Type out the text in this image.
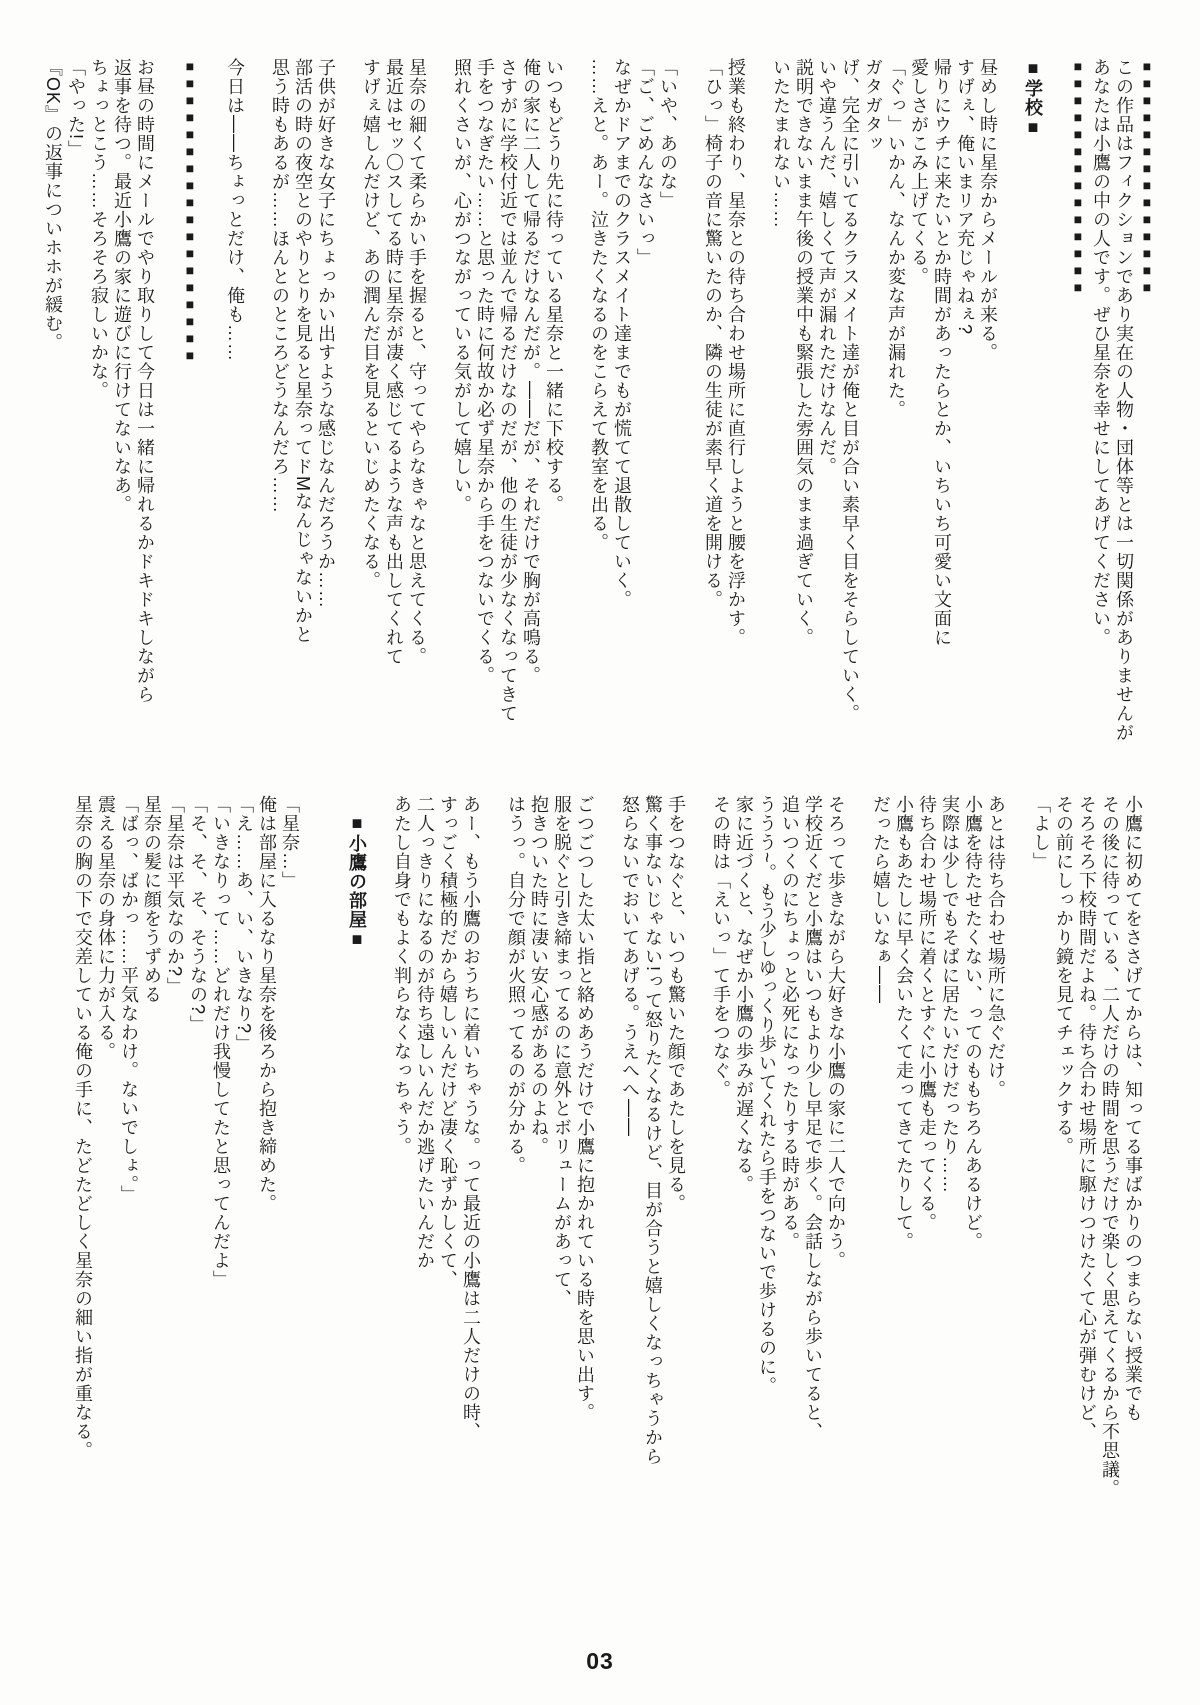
■■■■■■■■■■■■■■

この作品はフィクションであり実在の人物・団体等とは一切関係がありませんが

あなたは小鷹の中の人です。ぜひ星奈を幸せにしてあげてください。

■■■■■■■■■■■■■■

■学校■

昼めし時に星奈からメールが来る。

すげぇ、俺いまリア充じゃねぇ?

帰りにウチに来たいとか時間があったらとか、いちいち可愛い文面に

愛しさがこみ上げてくる。

「ぐっ」いかん、なんか変な声が漏れた。

ガタガタッ

げ、完全に引いてるクラスメイト達が俺と目が合い素早く目をそらしていく。

いや違うんだ、嬉しくて声が漏れただけなんだ。

説明できないまま午後の授業中も緊張した雰囲気のまま過ぎていく。

いたたまれない……

授業も終わり、星奈との待ち合わせ場所に直行しようと腰を浮かす。

「ひっ」椅子の音に驚いたのか、隣の生徒が素早く道を開ける。

「いや、あのな」

「ご、ごめんなさいっ」

なぜかドアまでのクラスメイト達までもが慌てて退散していく。

……えと。あー。泣きたくなるのをこらえて教室を出る。

いつもどうり先に待っている星奈と一緒に下校する。

俺の家に二人して帰るだけなんだが。――だが、それだけで胸が高鳴る。

さすがに学校付近では並んで帰るだけなのだが、他の生徒が少なくなってきて

手をつなぎたい……と思った時に何故か必ず星奈から手をつないでくる。

照れくさいが、心がつながっている気がして嬉しい。

星奈の細くて柔らかい手を握ると、守ってやらなきゃなと思えてくる。

最近はセッ〇スしてる時に星奈が凄く感じてるような声も出してくれて

すげぇ嬉しんだけど、あの潤んだ目を見るといじめたくなる。

子供が好きな女子にちょっかい出すような感じなんだろうか……

部活の時の夜空とのやりとりを見ると星奈ってドMなんじゃないかと

思う時もあるが……ほんとのところどうなんだろ……

今日は――ちょっとだけ、俺も……

■■■■■■■■■■■■■■■■■■

お昼の時間にメールでやり取りして今日は一緒に帰れるかドキドキしながら

返事を待つ。最近小鷹の家に遊びに行けてないなあ。

ちょっとこう……そろそろ寂しいかな。

「やった!」

『OK』の返事についホホが緩む。

小鷹に初めてをささげてからは、知ってる事ばかりのつまらない授業でも

その後に待っている、二人だけの時間を思うだけで楽しく思えてくるから不思議。

そろそろ下校時間だよね。待ち合わせ場所に駆けつけたくて心が弾むけど、

その前にしっかり鏡を見てチェックする。

「よし」

あとは待ち合わせ場所に急ぐだけ。

小鷹を待たせたくない、ってのももちろんあるけど。

実際は少しでもそばに居たいだけだったり……

待ち合わせ場所に着くとすぐに小鷹も走ってくる。

小鷹もあたしに早く会いたくて走ってきてたりして。

だったら嬉しいなぁ――

そろって歩きながら大好きな小鷹の家に二人で向かう。

学校近くだと小鷹はいつもより少し早足で歩く。会話しながら歩いてると、

追いつくのにちょっと必死になったりする時がある。

ううう~。もう少しゆっくり歩いてくれたら手をつないで歩けるのに。

家に近づくと、なぜか小鷹の歩みが遅くなる。

その時は「えいっ」て手をつなぐ。

手をつなぐと、いつも驚いた顔であたしを見る。

驚く事ないじゃない!って怒りたくなるけど、目が合うと嬉しくなっちゃうから

怒らないでおいてあげる。うえへへ――

ごつごつした太い指と絡めあうだけで小鷹に抱かれている時を思い出す。

服を脱ぐと引き締まってるのに意外とボリュームがあって、

抱きついた時に凄い安心感があるのよね。

はうっ。自分で顔が火照ってるのが分かる。

あー、もう小鷹のおうちに着いちゃうな。って最近の小鷹は二人だけの時、

すっごく積極的だから嬉しいんだけど凄く恥ずかしくて、

二人っきりになるのが待ち遠しいんだか逃げたいんだか

あたし自身でもよく判らなくなっちゃう。

■小鷹の部屋■

「星奈…」

俺は部屋に入るなり星奈を後ろから抱き締めた。

「え……あ、い、いきなり?」

「いきなりって……どれだけ我慢してたと思ってんだよ」

「そ、そ、そ、そうなの?」

「星奈は平気なのか?」

星奈の髪に顔をうずめる

「ばっ、ばかっ……平気なわけ。ないでしょ。」

震える星奈の身体に力が入る。

星奈の胸の下で交差している俺の手に、たどたどしく星奈の細い指が重なる。

03
